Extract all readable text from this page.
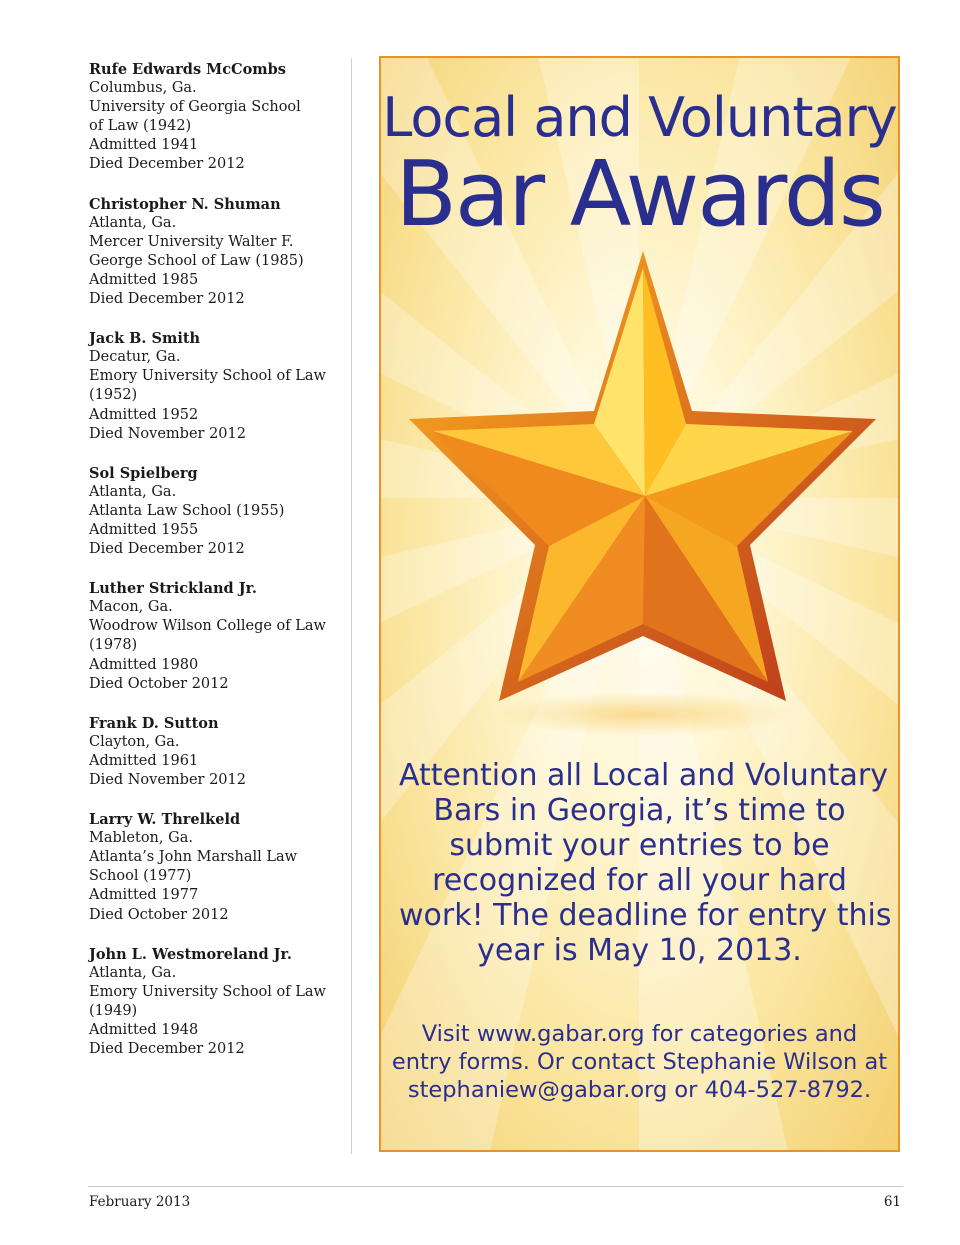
Rufe Edwards McCombs
Columbus, Ga.
University of Georgia School
of Law (1942)
Admitted 1941
Died December 2012
Christopher N. Shuman
Atlanta, Ga.
Mercer University Walter F.
George School of Law (1985)
Admitted 1985
Died December 2012
Jack B. Smith
Decatur, Ga.
Emory University School of Law
(1952)
Admitted 1952
Died November 2012
Sol Spielberg
Atlanta, Ga.
Atlanta Law School (1955)
Admitted 1955
Died December 2012
Luther Strickland Jr.
Macon, Ga.
Woodrow Wilson College of Law
(1978)
Admitted 1980
Died October 2012
Frank D. Sutton
Clayton, Ga.
Admitted 1961
Died November 2012
Larry W. Threlkeld
Mableton, Ga.
Atlanta’s John Marshall Law
School (1977)
Admitted 1977
Died October 2012
John L. Westmoreland Jr.
Atlanta, Ga.
Emory University School of Law
(1949)
Admitted 1948
Died December 2012
Local and Voluntary
Bar Awards
Attention all Local and Voluntary
Bars in Georgia, it’s time to
submit your entries to be
recognized for all your hard
work! The deadline for entry this
year is May 10, 2013.
Visit www.gabar.org for categories and
entry forms. Or contact Stephanie Wilson at
stephaniew@gabar.org or 404-527-8792.
February 2013	61
